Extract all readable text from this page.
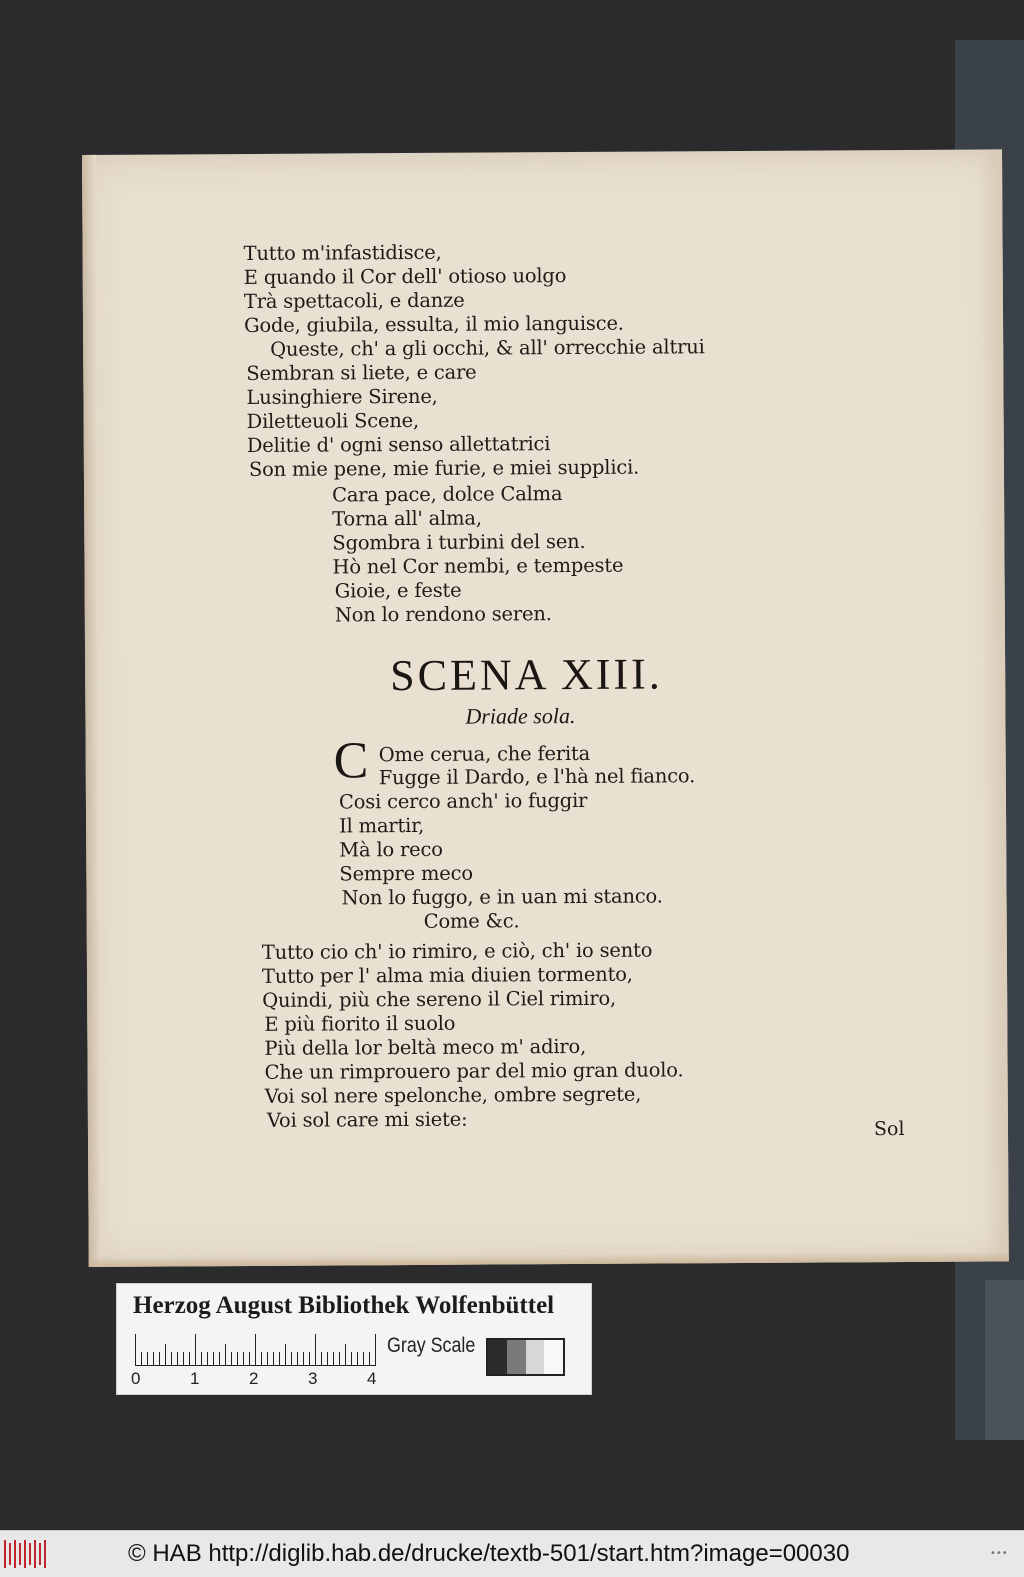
Tutto m'infastidisce,
E quando il Cor dell' otioso uolgo
Trà spettacoli, e danze
Gode, giubila, essulta, il mio languisce.
Queste, ch' a gli occhi, & all' orrecchie altrui
Sembran si liete, e care
Lusinghiere Sirene,
Diletteuoli Scene,
Delitie d' ogni senso allettatrici
Son mie pene, mie furie, e miei supplici.
Cara pace, dolce Calma
Torna all' alma,
Sgombra i turbini del sen.
Hò nel Cor nembi, e tempeste
Gioie, e feste
Non lo rendono seren.
SCENA XIII.
Driade sola.
C Ome cerua, che ferita
Fugge il Dardo, e l'hà nel fianco.
Cosi cerco anch' io fuggir
Il martir,
Mà lo reco
Sempre meco
Non lo fuggo, e in uan mi stanco.
Come &c.
Tutto cio ch' io rimiro, e ciò, ch' io sento
Tutto per l' alma mia diuien tormento,
Quindi, più che sereno il Ciel rimiro,
E più fiorito il suolo
Più della lor beltà meco m' adiro,
Che un rimprouero par del mio gran duolo.
Voi sol nere spelonche, ombre segrete,
Voi sol care mi siete:	Sol
Herzog August Bibliothek Wolfenbüttel
0	1	2	3	4
Gray Scale
© HAB http://diglib.hab.de/drucke/textb-501/start.htm?image=00030	•••
